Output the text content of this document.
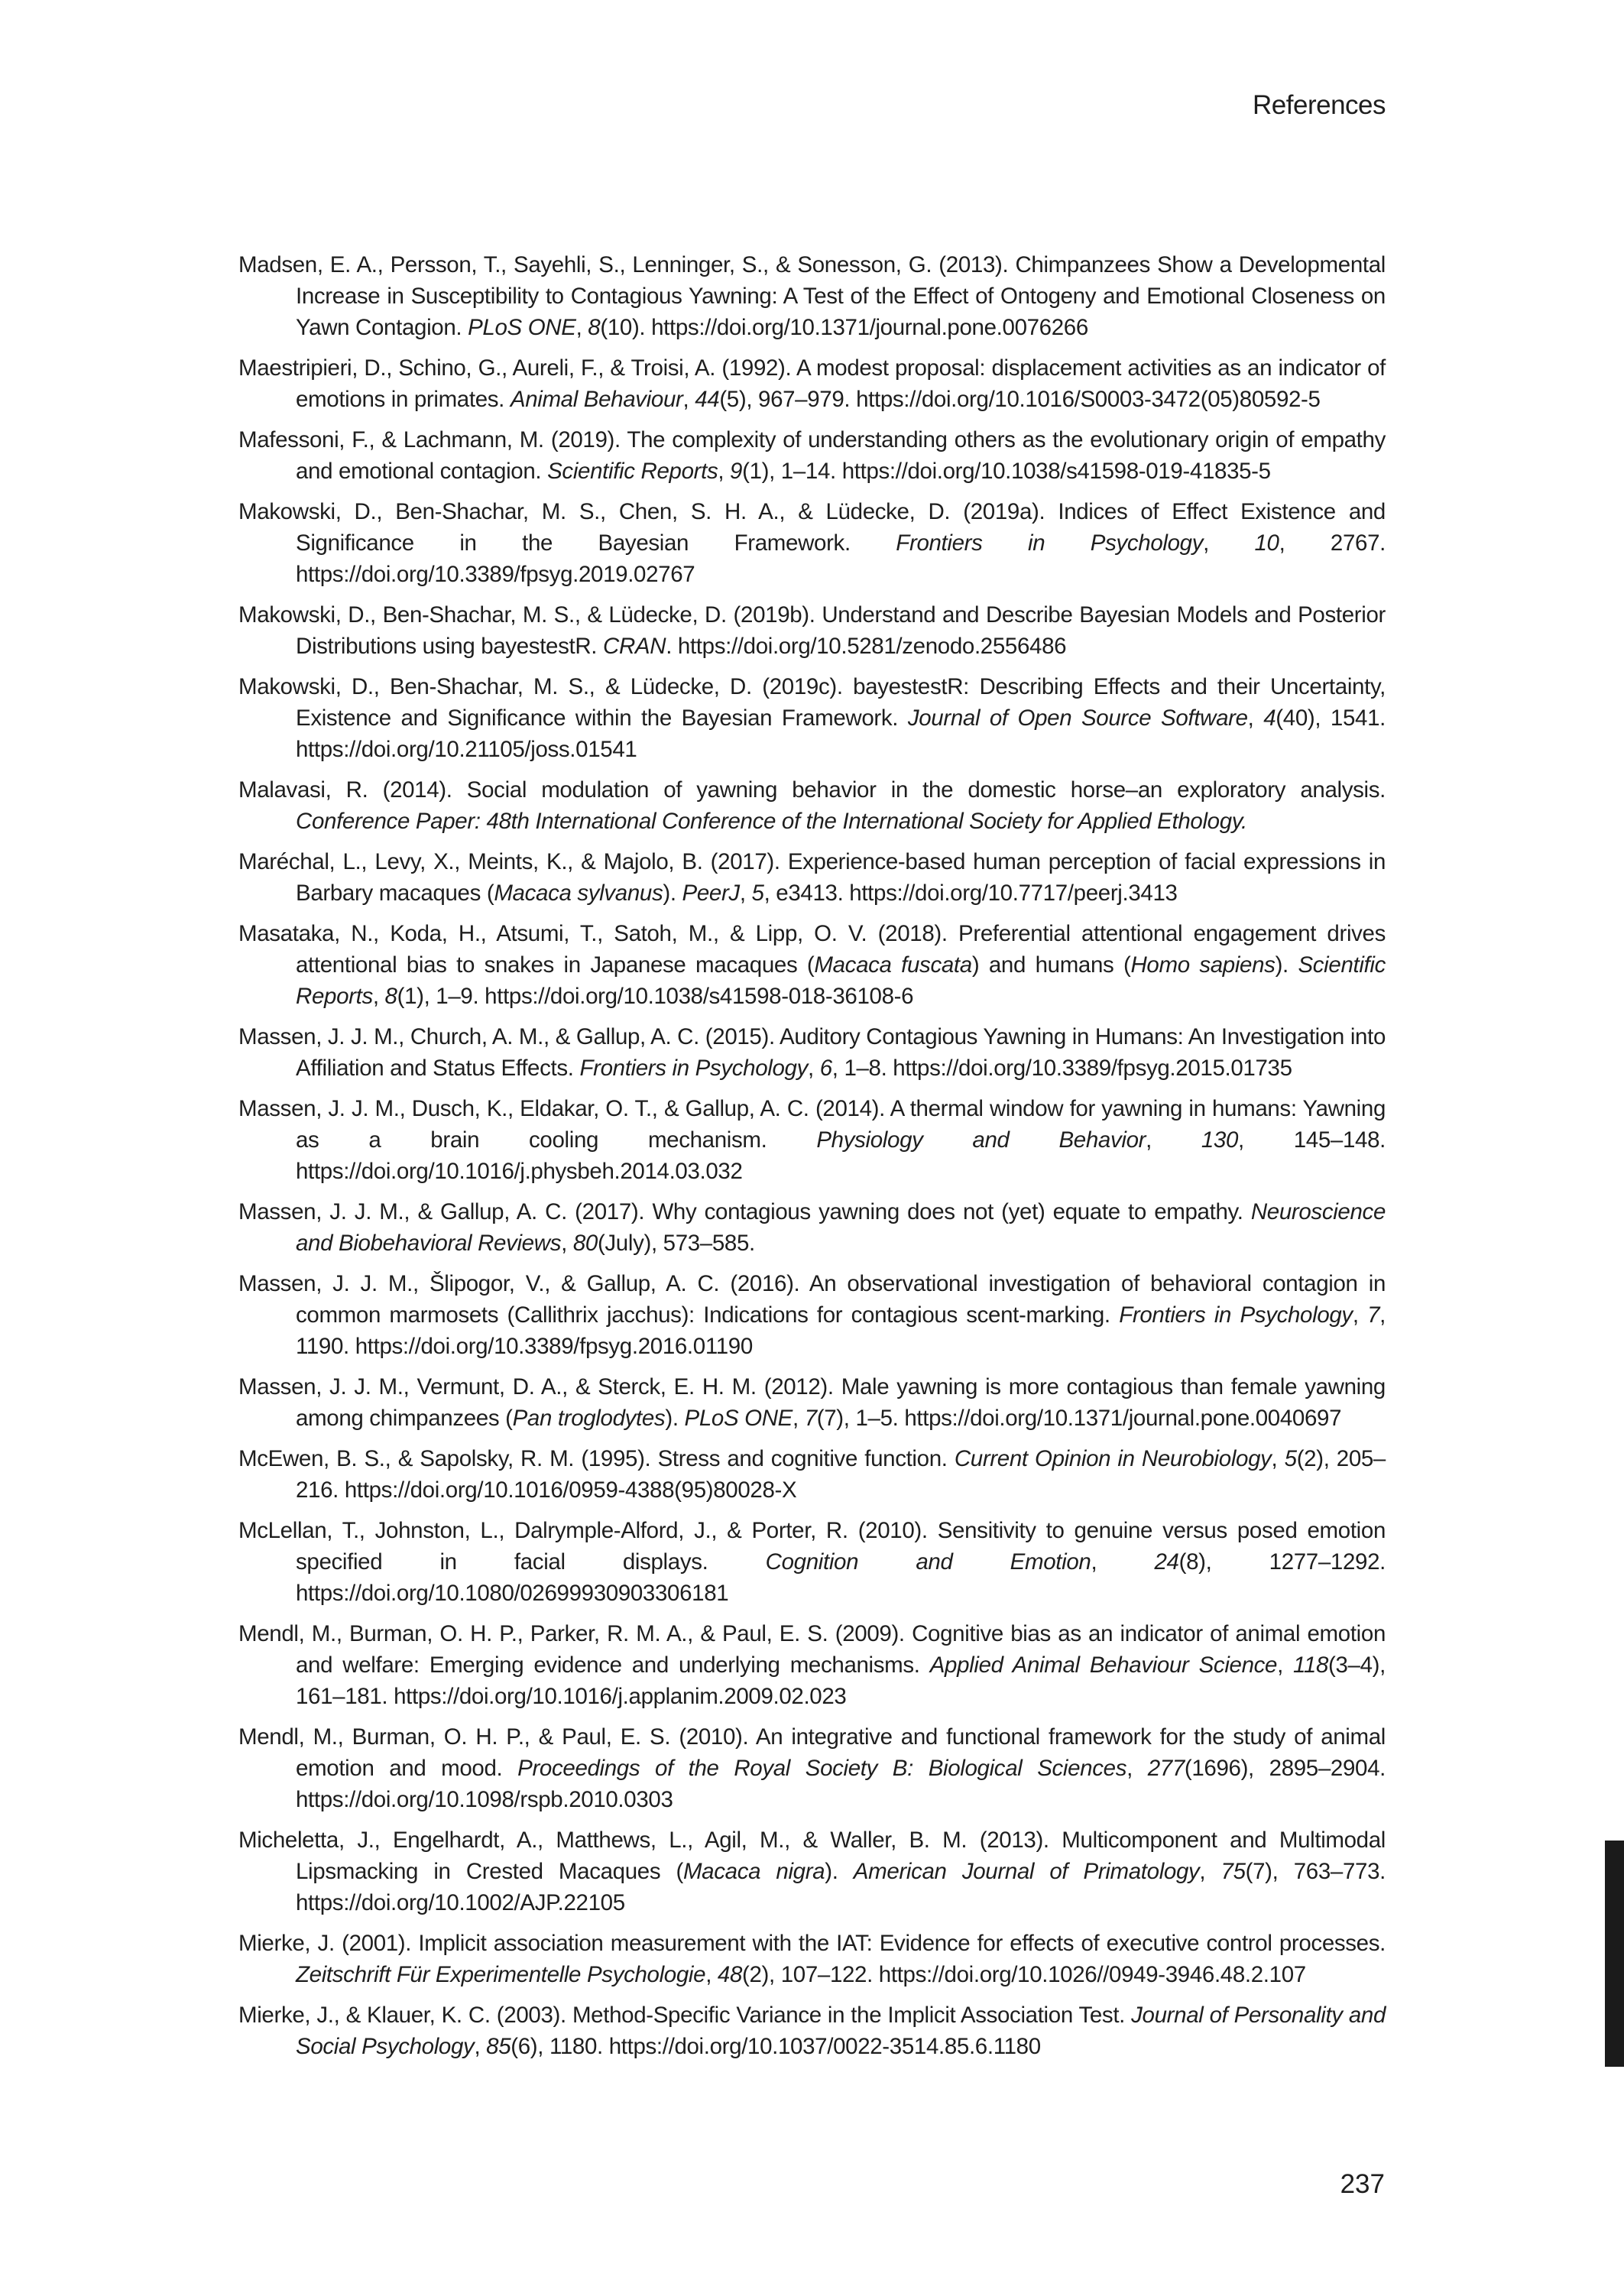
References
Madsen, E. A., Persson, T., Sayehli, S., Lenninger, S., & Sonesson, G. (2013). Chimpanzees Show a Developmental Increase in Susceptibility to Contagious Yawning: A Test of the Effect of Ontogeny and Emotional Closeness on Yawn Contagion. PLoS ONE, 8(10). https://doi.org/10.1371/journal.pone.0076266
Maestripieri, D., Schino, G., Aureli, F., & Troisi, A. (1992). A modest proposal: displacement activities as an indicator of emotions in primates. Animal Behaviour, 44(5), 967–979. https://doi.org/10.1016/S0003-3472(05)80592-5
Mafessoni, F., & Lachmann, M. (2019). The complexity of understanding others as the evolutionary origin of empathy and emotional contagion. Scientific Reports, 9(1), 1–14. https://doi.org/10.1038/s41598-019-41835-5
Makowski, D., Ben-Shachar, M. S., Chen, S. H. A., & Lüdecke, D. (2019a). Indices of Effect Existence and Significance in the Bayesian Framework. Frontiers in Psychology, 10, 2767. https://doi.org/10.3389/fpsyg.2019.02767
Makowski, D., Ben-Shachar, M. S., & Lüdecke, D. (2019b). Understand and Describe Bayesian Models and Posterior Distributions using bayestestR. CRAN. https://doi.org/10.5281/zenodo.2556486
Makowski, D., Ben-Shachar, M. S., & Lüdecke, D. (2019c). bayestestR: Describing Effects and their Uncertainty, Existence and Significance within the Bayesian Framework. Journal of Open Source Software, 4(40), 1541. https://doi.org/10.21105/joss.01541
Malavasi, R. (2014). Social modulation of yawning behavior in the domestic horse–an exploratory analysis. Conference Paper: 48th International Conference of the International Society for Applied Ethology.
Maréchal, L., Levy, X., Meints, K., & Majolo, B. (2017). Experience-based human perception of facial expressions in Barbary macaques (Macaca sylvanus). PeerJ, 5, e3413. https://doi.org/10.7717/peerj.3413
Masataka, N., Koda, H., Atsumi, T., Satoh, M., & Lipp, O. V. (2018). Preferential attentional engagement drives attentional bias to snakes in Japanese macaques (Macaca fuscata) and humans (Homo sapiens). Scientific Reports, 8(1), 1–9. https://doi.org/10.1038/s41598-018-36108-6
Massen, J. J. M., Church, A. M., & Gallup, A. C. (2015). Auditory Contagious Yawning in Humans: An Investigation into Affiliation and Status Effects. Frontiers in Psychology, 6, 1–8. https://doi.org/10.3389/fpsyg.2015.01735
Massen, J. J. M., Dusch, K., Eldakar, O. T., & Gallup, A. C. (2014). A thermal window for yawning in humans: Yawning as a brain cooling mechanism. Physiology and Behavior, 130, 145–148. https://doi.org/10.1016/j.physbeh.2014.03.032
Massen, J. J. M., & Gallup, A. C. (2017). Why contagious yawning does not (yet) equate to empathy. Neuroscience and Biobehavioral Reviews, 80(July), 573–585.
Massen, J. J. M., Šlipogor, V., & Gallup, A. C. (2016). An observational investigation of behavioral contagion in common marmosets (Callithrix jacchus): Indications for contagious scent-marking. Frontiers in Psychology, 7, 1190. https://doi.org/10.3389/fpsyg.2016.01190
Massen, J. J. M., Vermunt, D. A., & Sterck, E. H. M. (2012). Male yawning is more contagious than female yawning among chimpanzees (Pan troglodytes). PLoS ONE, 7(7), 1–5. https://doi.org/10.1371/journal.pone.0040697
McEwen, B. S., & Sapolsky, R. M. (1995). Stress and cognitive function. Current Opinion in Neurobiology, 5(2), 205–216. https://doi.org/10.1016/0959-4388(95)80028-X
McLellan, T., Johnston, L., Dalrymple-Alford, J., & Porter, R. (2010). Sensitivity to genuine versus posed emotion specified in facial displays. Cognition and Emotion, 24(8), 1277–1292. https://doi.org/10.1080/02699930903306181
Mendl, M., Burman, O. H. P., Parker, R. M. A., & Paul, E. S. (2009). Cognitive bias as an indicator of animal emotion and welfare: Emerging evidence and underlying mechanisms. Applied Animal Behaviour Science, 118(3–4), 161–181. https://doi.org/10.1016/j.applanim.2009.02.023
Mendl, M., Burman, O. H. P., & Paul, E. S. (2010). An integrative and functional framework for the study of animal emotion and mood. Proceedings of the Royal Society B: Biological Sciences, 277(1696), 2895–2904. https://doi.org/10.1098/rspb.2010.0303
Micheletta, J., Engelhardt, A., Matthews, L., Agil, M., & Waller, B. M. (2013). Multicomponent and Multimodal Lipsmacking in Crested Macaques (Macaca nigra). American Journal of Primatology, 75(7), 763–773. https://doi.org/10.1002/AJP.22105
Mierke, J. (2001). Implicit association measurement with the IAT: Evidence for effects of executive control processes. Zeitschrift Für Experimentelle Psychologie, 48(2), 107–122. https://doi.org/10.1026//0949-3946.48.2.107
Mierke, J., & Klauer, K. C. (2003). Method-Specific Variance in the Implicit Association Test. Journal of Personality and Social Psychology, 85(6), 1180. https://doi.org/10.1037/0022-3514.85.6.1180
237
